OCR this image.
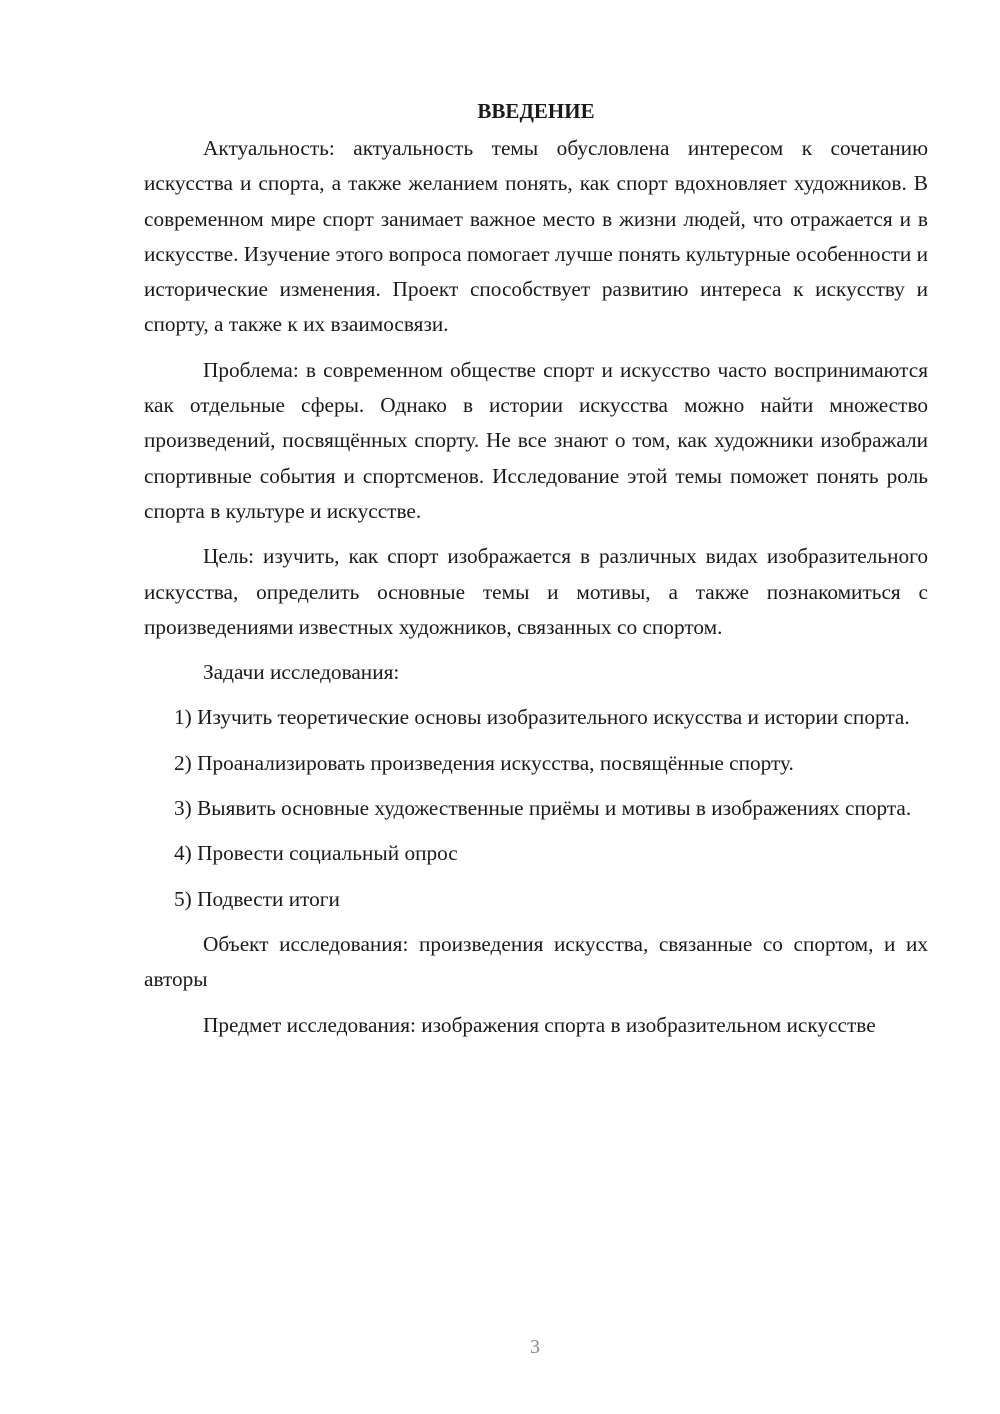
ВВЕДЕНИЕ

Актуальность: актуальность темы обусловлена интересом к сочетанию искусства и спорта, а также желанием понять, как спорт вдохновляет художников. В современном мире спорт занимает важное место в жизни людей, что отражается и в искусстве. Изучение этого вопроса помогает лучше понять культурные особенности и исторические изменения. Проект способствует развитию интереса к искусству и спорту, а также к их взаимосвязи.

Проблема: в современном обществе спорт и искусство часто воспринимаются как отдельные сферы. Однако в истории искусства можно найти множество произведений, посвящённых спорту. Не все знают о том, как художники изображали спортивные события и спортсменов. Исследование этой темы поможет понять роль спорта в культуре и искусстве.

Цель: изучить, как спорт изображается в различных видах изобразительного искусства, определить основные темы и мотивы, а также познакомиться с произведениями известных художников, связанных со спортом.

Задачи исследования:

1) Изучить теоретические основы изобразительного искусства и истории спорта.

2) Проанализировать произведения искусства, посвящённые спорту.

3) Выявить основные художественные приёмы и мотивы в изображениях спорта.

4) Провести социальный опрос

5) Подвести итоги

Объект исследования: произведения искусства, связанные со спортом, и их авторы

Предмет исследования: изображения спорта в изобразительном искусстве

3
